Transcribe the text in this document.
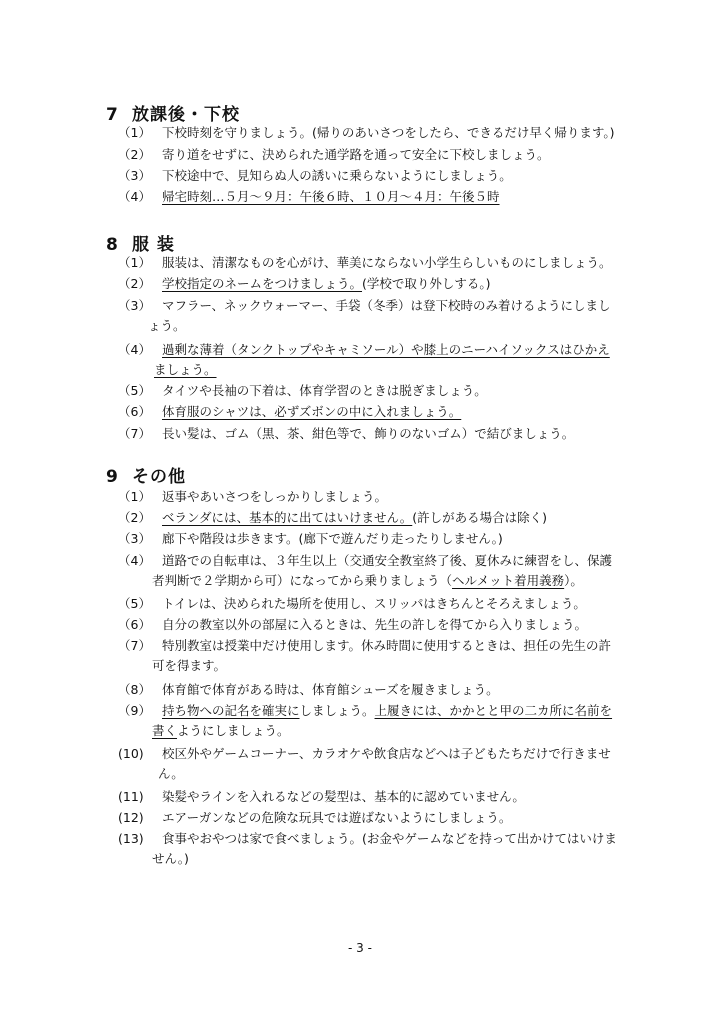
7 放課後・下校
（1） 下校時刻を守りましょう。(帰りのあいさつをしたら、できるだけ早く帰ります。)
（2） 寄り道をせずに、決められた通学路を通って安全に下校しましょう。
（3） 下校途中で、見知らぬ人の誘いに乗らないようにしましょう。
（4） 帰宅時刻…５月～９月：午後６時、１０月～４月：午後５時
8 服 装
（1） 服装は、清潔なものを心がけ、華美にならない小学生らしいものにしましょう。
（2） 学校指定のネームをつけましょう。(学校で取り外しする。)
（3） マフラー、ネックウォーマー、手袋（冬季）は登下校時のみ着けるようにしまし
ょう。
（4） 過剰な薄着（タンクトップやキャミソール）や膝上のニーハイソックスはひかえ
ましょう。
（5） タイツや長袖の下着は、体育学習のときは脱ぎましょう。
（6） 体育服のシャツは、必ずズボンの中に入れましょう。
（7） 長い髪は、ゴム（黒、茶、紺色等で、飾りのないゴム）で結びましょう。
9 その他
（1） 返事やあいさつをしっかりしましょう。
（2） ベランダには、基本的に出てはいけません。(許しがある場合は除く)
（3） 廊下や階段は歩きます。(廊下で遊んだり走ったりしません。)
（4） 道路での自転車は、３年生以上（交通安全教室終了後、夏休みに練習をし、保護
者判断で２学期から可）になってから乗りましょう（ヘルメット着用義務）。
（5） トイレは、決められた場所を使用し、スリッパはきちんとそろえましょう。
（6） 自分の教室以外の部屋に入るときは、先生の許しを得てから入りましょう。
（7） 特別教室は授業中だけ使用します。休み時間に使用するときは、担任の先生の許
可を得ます。
（8） 体育館で体育がある時は、体育館シューズを履きましょう。
（9） 持ち物への記名を確実にしましょう。上履きには、かかとと甲の二カ所に名前を
書くようにしましょう。
(10) 校区外やゲームコーナー、カラオケや飲食店などへは子どもたちだけで行きませ
ん。
(11) 染髪やラインを入れるなどの髪型は、基本的に認めていません。
(12) エアーガンなどの危険な玩具では遊ばないようにしましょう。
(13) 食事やおやつは家で食べましょう。(お金やゲームなどを持って出かけてはいけま
せん。)
- 3 -
